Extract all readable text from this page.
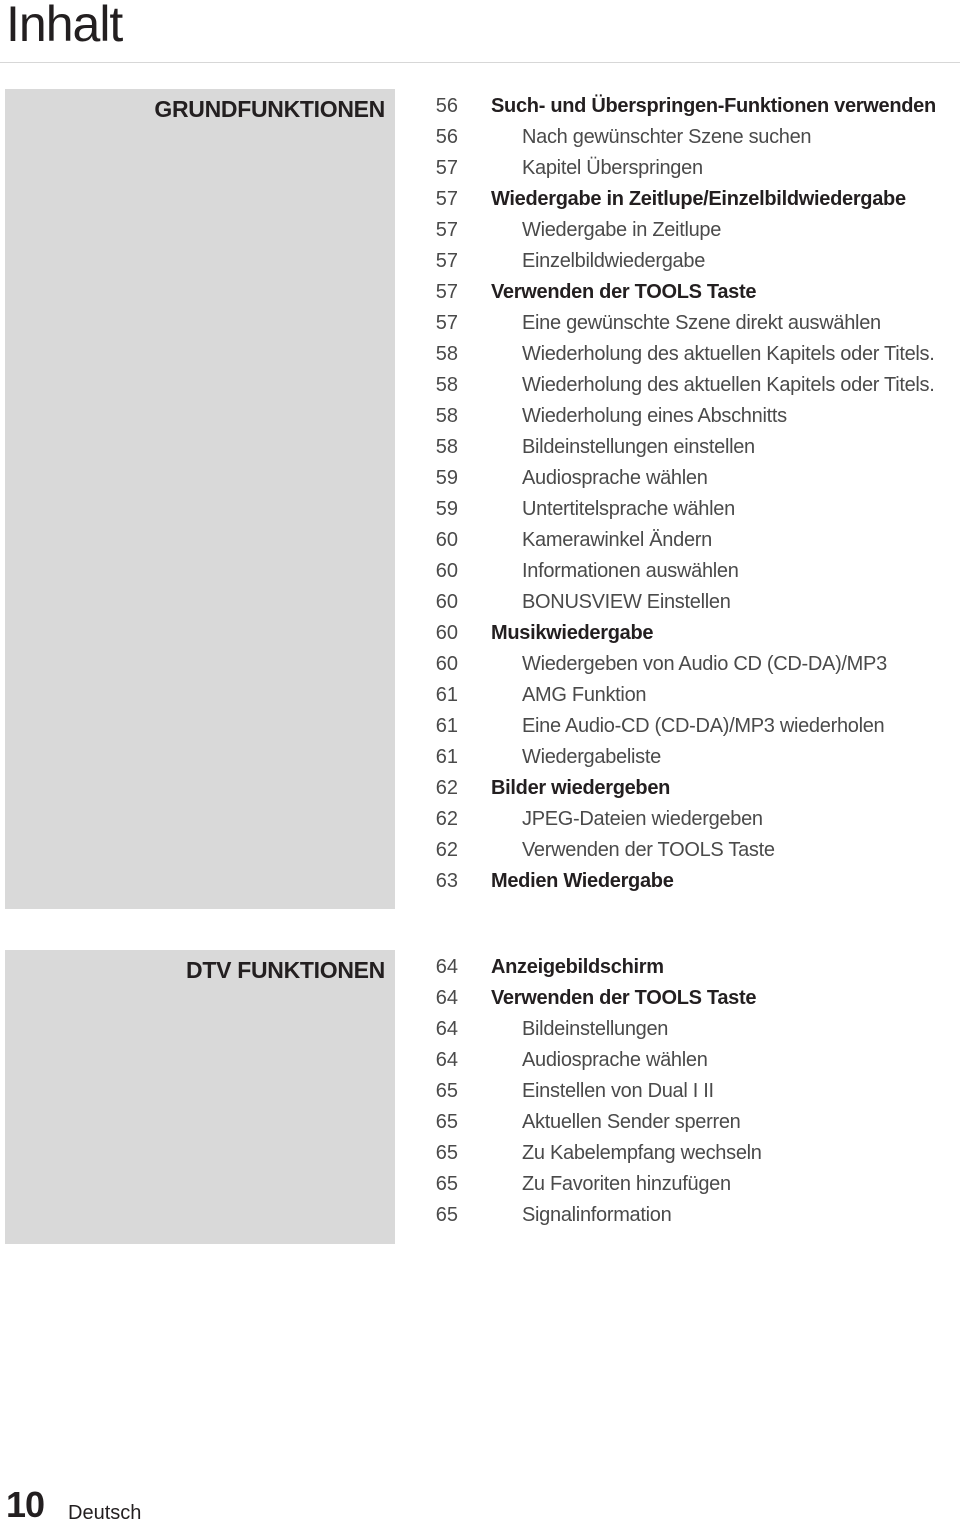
Inhalt
GRUNDFUNKTIONEN	56 Such- und Überspringen-Funktionen verwenden
56	Nach gewünschter Szene suchen
57	Kapitel Überspringen
57 Wiedergabe in Zeitlupe/Einzelbildwiedergabe
57	Wiedergabe in Zeitlupe
57	Einzelbildwiedergabe
57 Verwenden der TOOLS Taste
57	Eine gewünschte Szene direkt auswählen
58	Wiederholung des aktuellen Kapitels oder Titels.
58	Wiederholung des aktuellen Kapitels oder Titels.
58	Wiederholung eines Abschnitts
58	Bildeinstellungen einstellen
59	Audiosprache wählen
59	Untertitelsprache wählen
60	Kamerawinkel Ändern
60	Informationen auswählen
60	BONUSVIEW Einstellen
60 Musikwiedergabe
60	Wiedergeben von Audio CD (CD-DA)/MP3
61	AMG Funktion
61	Eine Audio-CD (CD-DA)/MP3 wiederholen
61	Wiedergabeliste
62 Bilder wiedergeben
62	JPEG-Dateien wiedergeben
62	Verwenden der TOOLS Taste
63 Medien Wiedergabe
DTV FUNKTIONEN	64 Anzeigebildschirm
64 Verwenden der TOOLS Taste
64	Bildeinstellungen
64	Audiosprache wählen
65	Einstellen von Dual I II
65	Aktuellen Sender sperren
65	Zu Kabelempfang wechseln
65	Zu Favoriten hinzufügen
65	Signalinformation
10 Deutsch
